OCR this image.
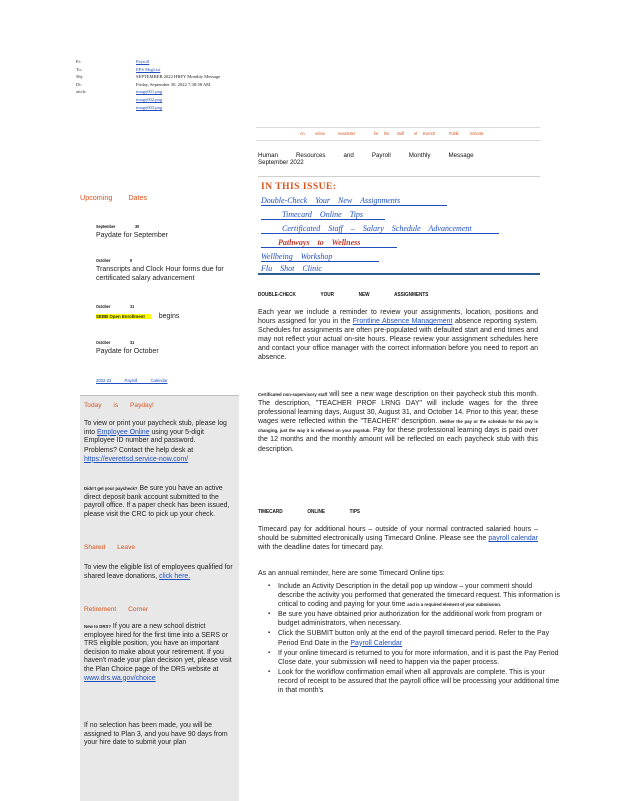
Fr:	Payroll
To:	EPS MsgList
Sbj:	SEPTEMBER 2022 HRPY Monthly Message
Dt:	Friday, September 30, 2022 7:30:58 AM
attch:	image001.png
image002.png
image003.png
An online	newsletter	for the staff of Everett	Public	Schools
Human	Resources	and	Payroll	Monthly	Message
September 2022
IN THIS ISSUE:
Double-Check Your New Assignments
Timecard Online Tips
Certificated Staff – Salary Schedule Advancement
Pathways to Wellness
Wellbeing Workshop
Flu Shot Clinic
Upcoming Dates
September 30
Paydate for September
October 9
Transcripts and Clock Hour forms due for certificated salary advancement
October 31
SEBB Open Enrollment begins
October 31
Paydate for October
2022-23 Payroll Calendar
Today is Payday!
To view or print your paycheck stub, please log into Employee Online using your 5-digit Employee ID number and password.
Problems? Contact the help desk at https://everettsd.service-now.com/
Didn't get your paycheck? Be sure you have an active direct deposit bank account submitted to the payroll office. If a paper check has been issued, please visit the CRC to pick up your check.
Shared Leave
To view the eligible list of employees qualified for shared leave donations, click here.
Retirement Corner
New to DRS? If you are a new school district employee hired for the first time into a SERS or TRS eligible position, you have an important decision to make about your retirement. If you haven't made your plan decision yet, please visit the Plan Choice page of the DRS website at www.drs.wa.gov/choice
If no selection has been made, you will be assigned to Plan 3, and you have 90 days from your hire date to submit your plan
DOUBLE-CHECK YOUR NEW ASSIGNMENTS
Each year we include a reminder to review your assignments, location, positions and hours assigned for you in the Frontline Absence Management absence reporting system. Schedules for assignments are often pre-populated with defaulted start and end times and may not reflect your actual on-site hours. Please review your assignment schedules here and contact your office manager with the correct information before you need to report an absence.
Certificated non-supervisory staff will see a new wage description on their paycheck stub this month. The description, "TEACHER PROF LRNG DAY" will include wages for the three professional learning days, August 30, August 31, and October 14. Prior to this year, these wages were reflected within the "TEACHER" description. Neither the pay or the schedule for this pay is changing, just the way it is reflected on your paystub. Pay for these professional learning days is paid over the 12 months and the monthly amount will be reflected on each paycheck stub with this description.
TIMECARD ONLINE TIPS
Timecard pay for additional hours – outside of your normal contracted salaried hours – should be submitted electronically using Timecard Online. Please see the payroll calendar with the deadline dates for timecard pay.
As an annual reminder, here are some Timecard Online tips:
▪ Include an Activity Description in the detail pop up window – your comment should describe the activity you performed that generated the timecard request. This information is critical to coding and paying for your time and is a required element of your submission.
▪ Be sure you have obtained prior authorization for the additional work from program or budget administrators, when necessary.
▪ Click the SUBMIT button only at the end of the payroll timecard period. Refer to the Pay Period End Date in the Payroll Calendar
▪ If your online timecard is returned to you for more information, and it is past the Pay Period Close date, your submission will need to happen via the paper process.
▪ Look for the workflow confirmation email when all approvals are complete. This is your record of receipt to be assured that the payroll office will be processing your additional time in that month's
